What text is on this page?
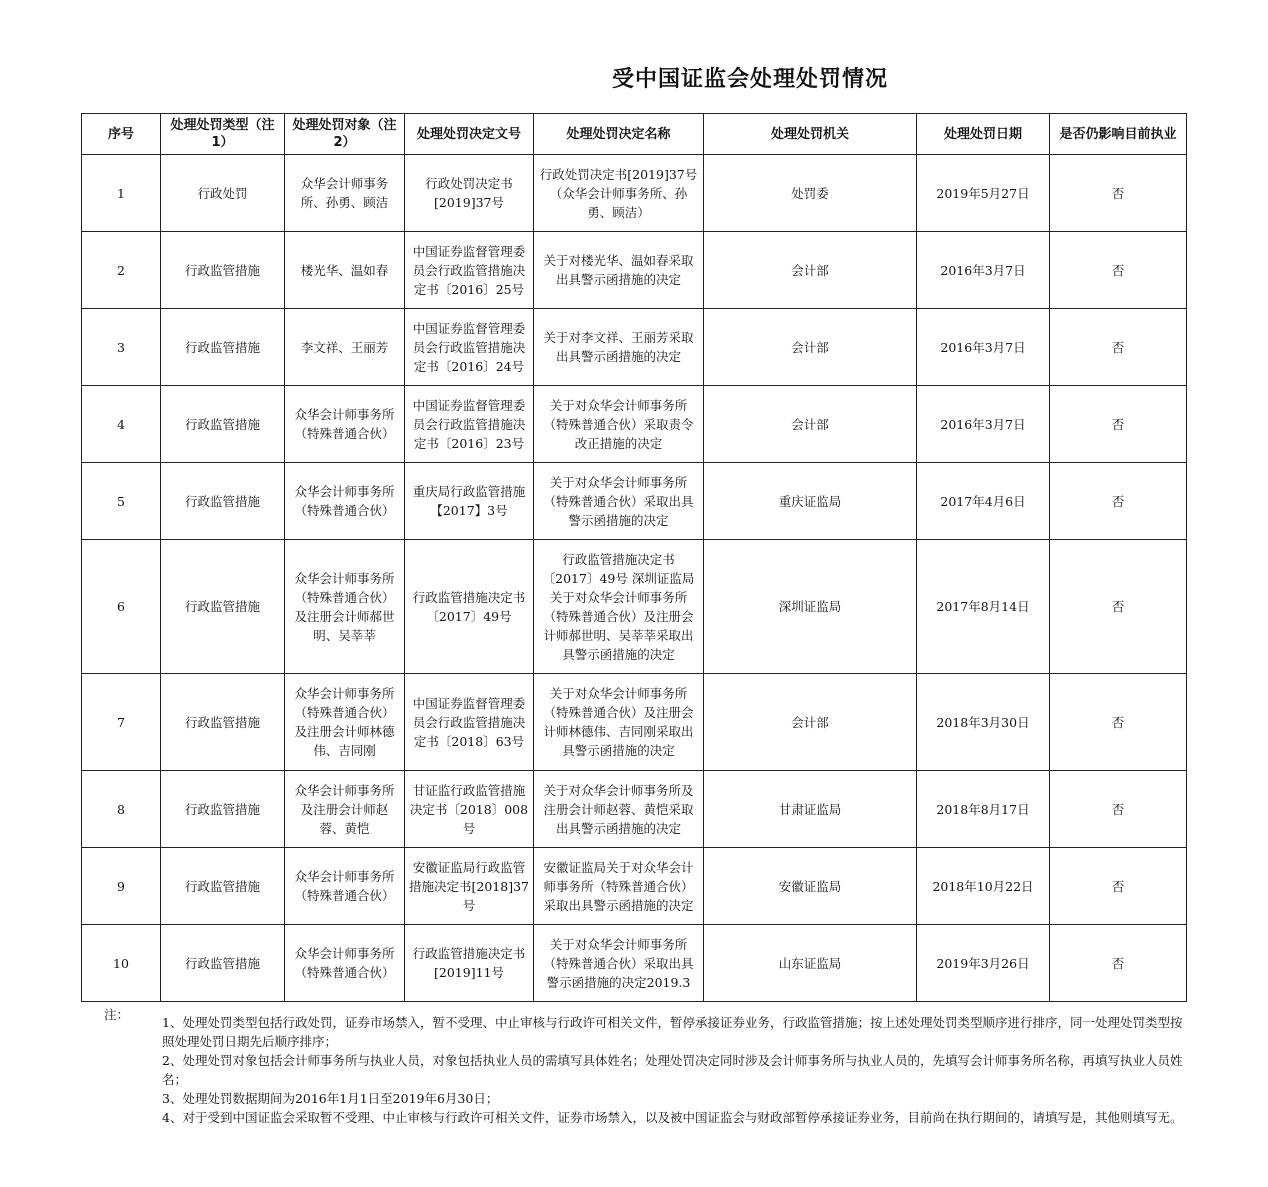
受中国证监会处理处罚情况
序号	处理处罚类型（注1）	处理处罚对象（注2）	处理处罚决定文号	处理处罚决定名称	处理处罚机关	处理处罚日期	是否仍影响目前执业
1	行政处罚	众华会计师事务所、孙勇、顾洁	行政处罚决定书[2019]37号	行政处罚决定书[2019]37号（众华会计师事务所、孙勇、顾洁）	处罚委	2019年5月27日	否
2	行政监管措施	楼光华、温如春	中国证券监督管理委员会行政监管措施决定书〔2016〕25号	关于对楼光华、温如春采取出具警示函措施的决定	会计部	2016年3月7日	否
3	行政监管措施	李文祥、王丽芳	中国证券监督管理委员会行政监管措施决定书〔2016〕24号	关于对李文祥、王丽芳采取出具警示函措施的决定	会计部	2016年3月7日	否
4	行政监管措施	众华会计师事务所（特殊普通合伙）	中国证券监督管理委员会行政监管措施决定书〔2016〕23号	关于对众华会计师事务所（特殊普通合伙）采取责令改正措施的决定	会计部	2016年3月7日	否
5	行政监管措施	众华会计师事务所（特殊普通合伙）	重庆局行政监管措施【2017】3号	关于对众华会计师事务所（特殊普通合伙）采取出具警示函措施的决定	重庆证监局	2017年4月6日	否
6	行政监管措施	众华会计师事务所（特殊普通合伙）及注册会计师郝世明、吴莘莘	行政监管措施决定书〔2017〕49号	行政监管措施决定书〔2017〕49号 深圳证监局关于对众华会计师事务所（特殊普通合伙）及注册会计师郝世明、吴莘莘采取出具警示函措施的决定	深圳证监局	2017年8月14日	否
7	行政监管措施	众华会计师事务所（特殊普通合伙）及注册会计师林德伟、吉同刚	中国证券监督管理委员会行政监管措施决定书〔2018〕63号	关于对众华会计师事务所（特殊普通合伙）及注册会计师林德伟、吉同刚采取出具警示函措施的决定	会计部	2018年3月30日	否
8	行政监管措施	众华会计师事务所及注册会计师赵蓉、黄恺	甘证监行政监管措施决定书〔2018〕008号	关于对众华会计师事务所及注册会计师赵蓉、黄恺采取出具警示函措施的决定	甘肃证监局	2018年8月17日	否
9	行政监管措施	众华会计师事务所（特殊普通合伙）	安徽证监局行政监管措施决定书[2018]37号	安徽证监局关于对众华会计师事务所（特殊普通合伙）采取出具警示函措施的决定	安徽证监局	2018年10月22日	否
10	行政监管措施	众华会计师事务所（特殊普通合伙）	行政监管措施决定书[2019]11号	关于对众华会计师事务所（特殊普通合伙）采取出具警示函措施的决定2019.3	山东证监局	2019年3月26日	否
注：
1、处理处罚类型包括行政处罚，证券市场禁入，暂不受理、中止审核与行政许可相关文件，暂停承接证券业务，行政监管措施；按上述处理处罚类型顺序进行排序，同一处理处罚类型按照处理处罚日期先后顺序排序；
2、处理处罚对象包括会计师事务所与执业人员，对象包括执业人员的需填写具体姓名；处理处罚决定同时涉及会计师事务所与执业人员的，先填写会计师事务所名称，再填写执业人员姓名；
3、处理处罚数据期间为2016年1月1日至2019年6月30日；
4、对于受到中国证监会采取暂不受理、中止审核与行政许可相关文件，证券市场禁入，以及被中国证监会与财政部暂停承接证券业务，目前尚在执行期间的，请填写是，其他则填写无。
